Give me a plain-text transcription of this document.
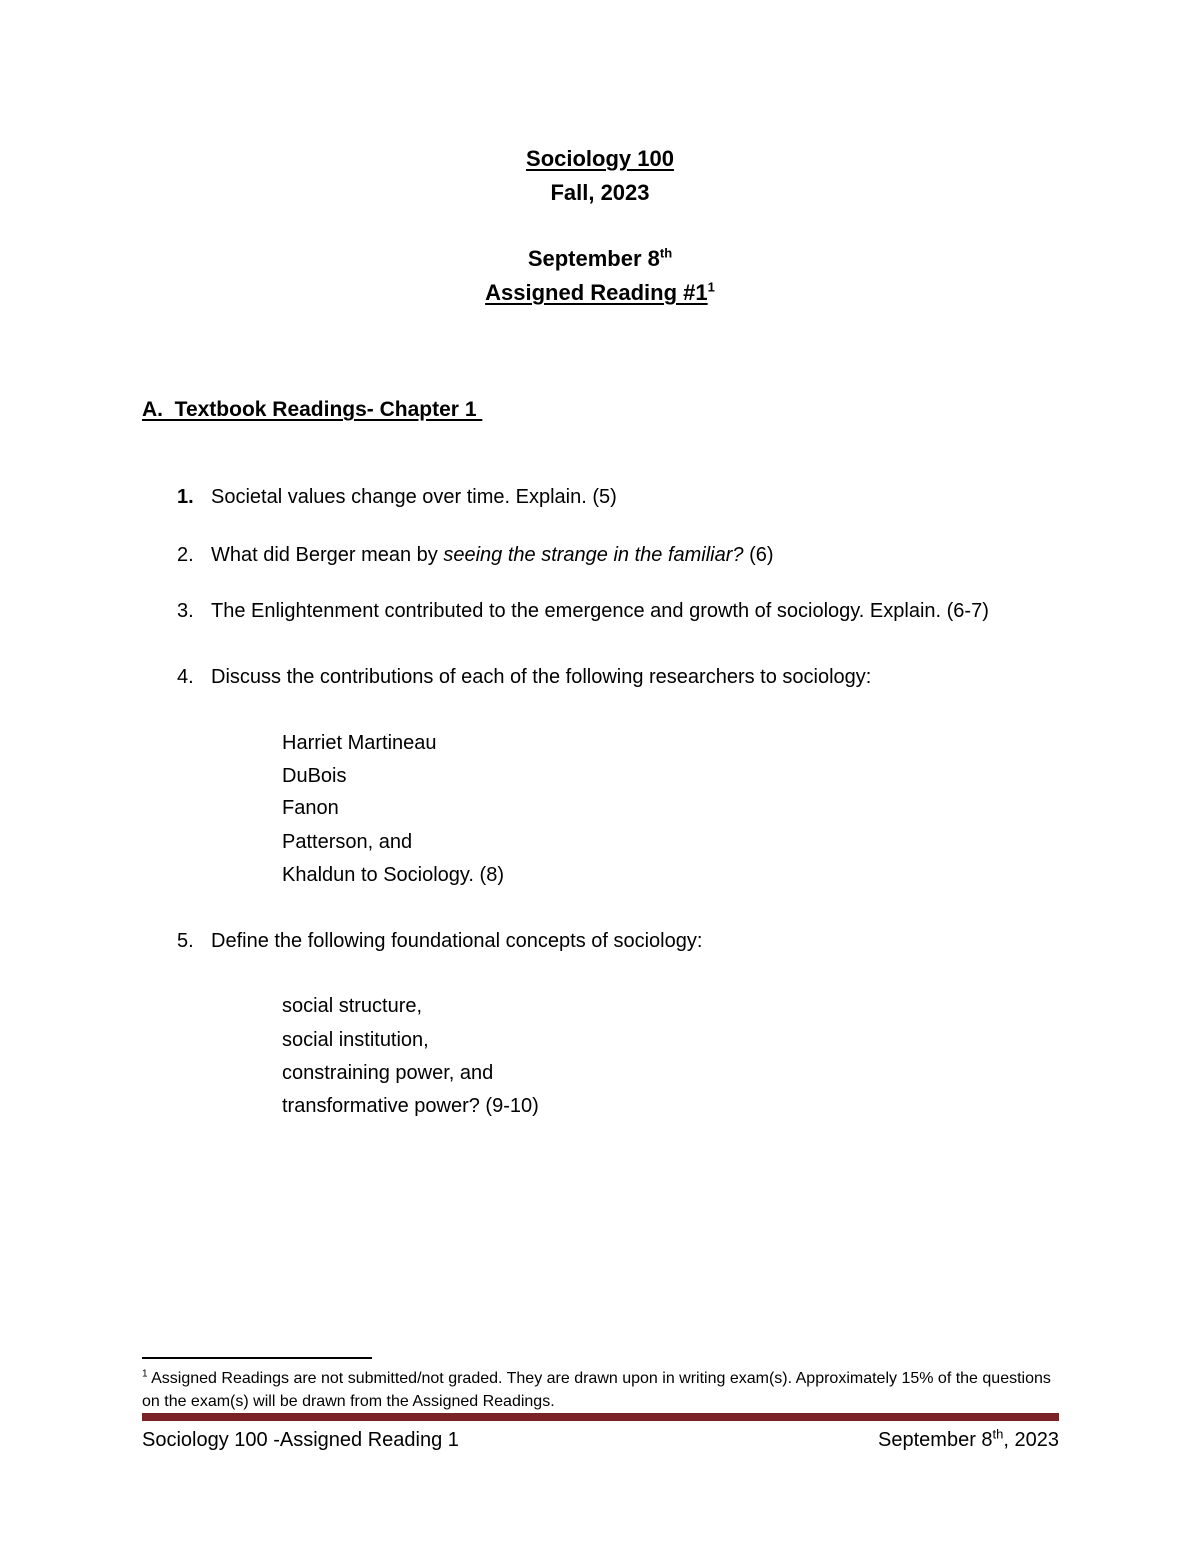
Sociology 100
Fall, 2023
September 8th
Assigned Reading $\#1^1$
A.  Textbook Readings- Chapter 1
1. Societal values change over time. Explain. (5)
2. What did Berger mean by seeing the strange in the familiar? (6)
3. The Enlightenment contributed to the emergence and growth of sociology. Explain. (6-7)
4. Discuss the contributions of each of the following researchers to sociology:
Harriet Martineau
DuBois
Fanon
Patterson, and
Khaldun to Sociology. (8)
5. Define the following foundational concepts of sociology:
social structure,
social institution,
constraining power, and
transformative power? (9-10)
$^1$ Assigned Readings are not submitted/not graded. They are drawn upon in writing exam(s). Approximately 15% of the questions on the exam(s) will be drawn from the Assigned Readings.
Sociology 100 -Assigned Reading 1	September 8th, 2023
